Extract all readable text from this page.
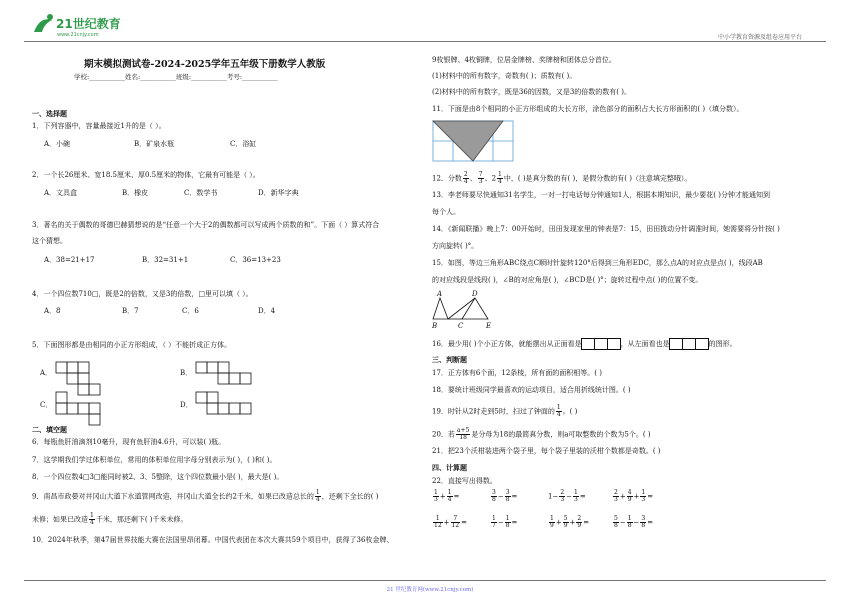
21世纪教育
www.21cnjy.com	中小学教育资源及组卷应用平台
期末模拟测试卷-2024-2025学年五年级下册数学人教版
学校:___________姓名:___________班级:___________考号:___________
一、选择题
1．下列容器中，容量最接近1升的是（ ）。
A．小碗	B．矿泉水瓶	C．浴缸
2．一个长26厘米、宽18.5厘米、厚0.5厘米的物体，它最有可能是（ ）。
A．文具盒	B．橡皮	C．数学书	D．新华字典
3．著名的关于偶数的哥德巴赫猜想说的是“任意一个大于2的偶数都可以写成两个质数的和”。下面（ ）算式符合
这个猜想。
A．38=21+17	B．32=31+1	C．36=13+23
4．一个四位数710□，既是2的倍数，又是3的倍数，□里可以填（ ）。
A．8	B．7	C．6	D．4
5．下面图形都是由相同的小正方形组成，（ ）不能折成正方体。
A．	B．
C．	D．
二、填空题
6．每瓶鱼肝油滴剂10毫升，现有鱼肝油4.6升，可以装( )瓶。
7．这学期我们学过体积单位，常用的体积单位用字母分别表示为( )，( )和( )。
8．一个四位数4□3□能同时被2、3、5整除，这个四位数最小是( )，最大是( )。
9．南昌市政晏对井冈山大道下水道管网改造，井冈山大道全长约2千米，如果已改造总长的 $\frac{1}{4}$ ，还剩下全长的( )
未修；如果已改造 $\frac{1}{4}$ 千米，那还剩下( )千米未修。
10．2024年秋季，第47届世界技能大赛在法国里昂闭幕。中国代表团在本次大赛共59个项目中，获得了36枚金牌、
9枚银牌、4枚铜牌，位居金牌榜、奖牌榜和团体总分首位。
(1)材料中的所有数字，奇数有( )；质数有( )。
(2)材料中的所有数字，既是36的因数，又是3的倍数的数有( )。
11．下面是由8个相同的小正方形组成的大长方形，涂色部分的面积占大长方形面积的( )（填分数）。
12．分数 $\frac{2}{4}$ 、 $\frac{7}{3}$ 、$2 \frac{1}{4}$ 中，( )是真分数的有( )，是假分数的有( )（注意填完整哦）。
13．李老师要尽快通知31名学生，一对一打电话每分钟通知1人，根据本期知识，最少要花( )分钟才能通知到
每个人。
14．《新闻联播》晚上7：00开始时，田田发现家里的钟表是7：15，田田拨动分针调准时间，她需要将分针按( )
方向旋转( )°。
15．如图，等边三角形ABC绕点C顺时针旋转120°后得到三角形EDC，那么点A的对应点是点( )，线段AB
的对应线段是线段( )，∠B的对应角是( )，∠BCD是( )°；旋转过程中点( )的位置不变。
16．最少用( )个小正方体，就能摆出从正面看是	，从左面看也是	的图形。
三、判断题
17．正方体有6个面，12条棱，所有面的面积相等。( )
18．要统计班级同学最喜欢的运动项目，适合用折线统计图。( )
19．时针从2时走到5时，扫过了钟面的 $\frac{1}{4}$ 。( )
20．若 $\frac{a+5}{18}$ 是分母为18的最简真分数，则a可取整数的个数为5个。( )
21．把23个沃柑装进两个袋子里，每个袋子里装的沃柑个数都是奇数。( )
四、计算题
22．直接写出得数。
$\frac{1}{3} + \frac{1}{4}$ =	$\frac{3}{8} - \frac{3}{8}$ =	$1- \frac{2}{3} - \frac{1}{3}$ =	$\frac{2}{3} + \frac{4}{9} + \frac{1}{3}$ =
$\frac{1}{12} + \frac{7}{12}$ =	$\frac{1}{7} - \frac{1}{8}$ =	$\frac{1}{9} + \frac{5}{9} + \frac{2}{9}$ =	$\frac{5}{8} - \frac{1}{8} - \frac{3}{8}$ =
A	D
B	C	E
21 世纪教育网(www.21cnjy.com)
